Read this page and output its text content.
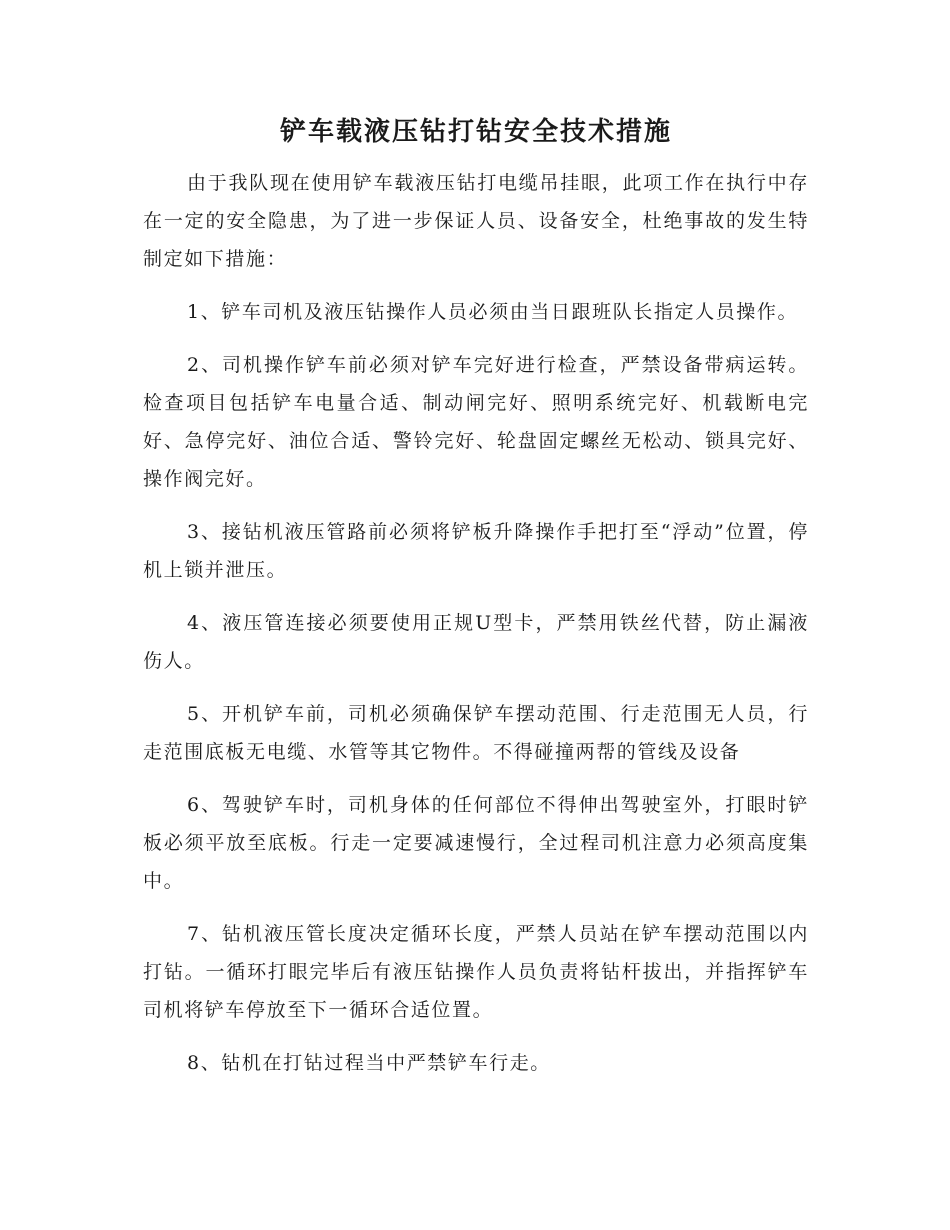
铲车载液压钻打钻安全技术措施

由于我队现在使用铲车载液压钻打电缆吊挂眼，此项工作在执行中存在一定的安全隐患，为了进一步保证人员、设备安全，杜绝事故的发生特制定如下措施：

1、铲车司机及液压钻操作人员必须由当日跟班队长指定人员操作。

2、司机操作铲车前必须对铲车完好进行检查，严禁设备带病运转。检查项目包括铲车电量合适、制动闸完好、照明系统完好、机载断电完好、急停完好、油位合适、警铃完好、轮盘固定螺丝无松动、锁具完好、操作阀完好。

3、接钻机液压管路前必须将铲板升降操作手把打至“浮动”位置，停机上锁并泄压。

4、液压管连接必须要使用正规U型卡，严禁用铁丝代替，防止漏液伤人。

5、开机铲车前，司机必须确保铲车摆动范围、行走范围无人员，行走范围底板无电缆、水管等其它物件。不得碰撞两帮的管线及设备

6、驾驶铲车时，司机身体的任何部位不得伸出驾驶室外，打眼时铲板必须平放至底板。行走一定要减速慢行，全过程司机注意力必须高度集中。

7、钻机液压管长度决定循环长度，严禁人员站在铲车摆动范围以内打钻。一循环打眼完毕后有液压钻操作人员负责将钻杆拔出，并指挥铲车司机将铲车停放至下一循环合适位置。

8、钻机在打钻过程当中严禁铲车行走。
